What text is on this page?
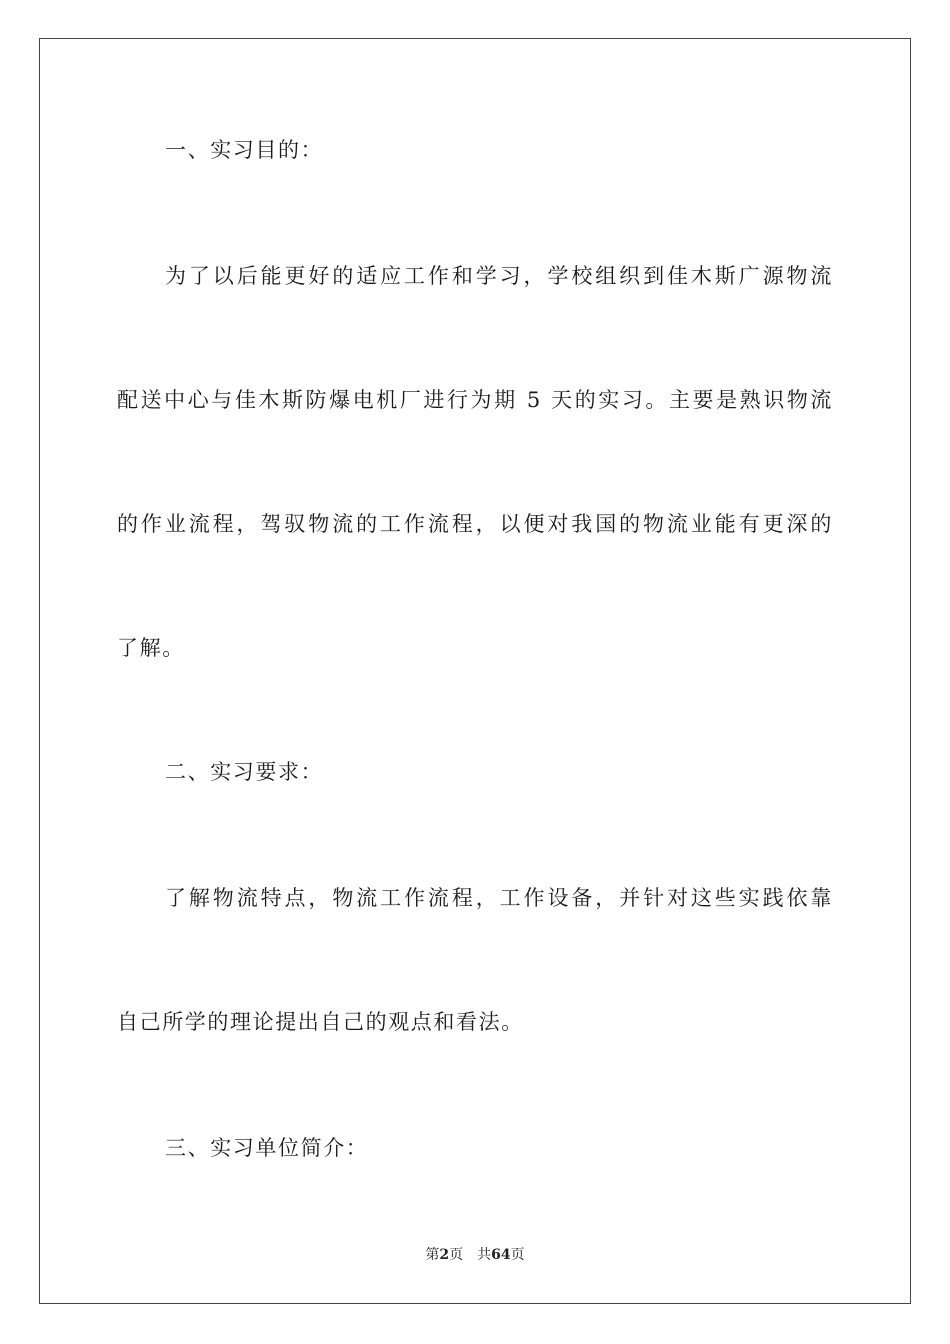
一、实习目的：
为了以后能更好的适应工作和学习，学校组织到佳木斯广源物流
配送中心与佳木斯防爆电机厂进行为期 5 天的实习。主要是熟识物流
的作业流程，驾驭物流的工作流程，以便对我国的物流业能有更深的
了解。
二、实习要求：
了解物流特点，物流工作流程，工作设备，并针对这些实践依靠
自己所学的理论提出自己的观点和看法。
三、实习单位简介：
第2页 共64页
